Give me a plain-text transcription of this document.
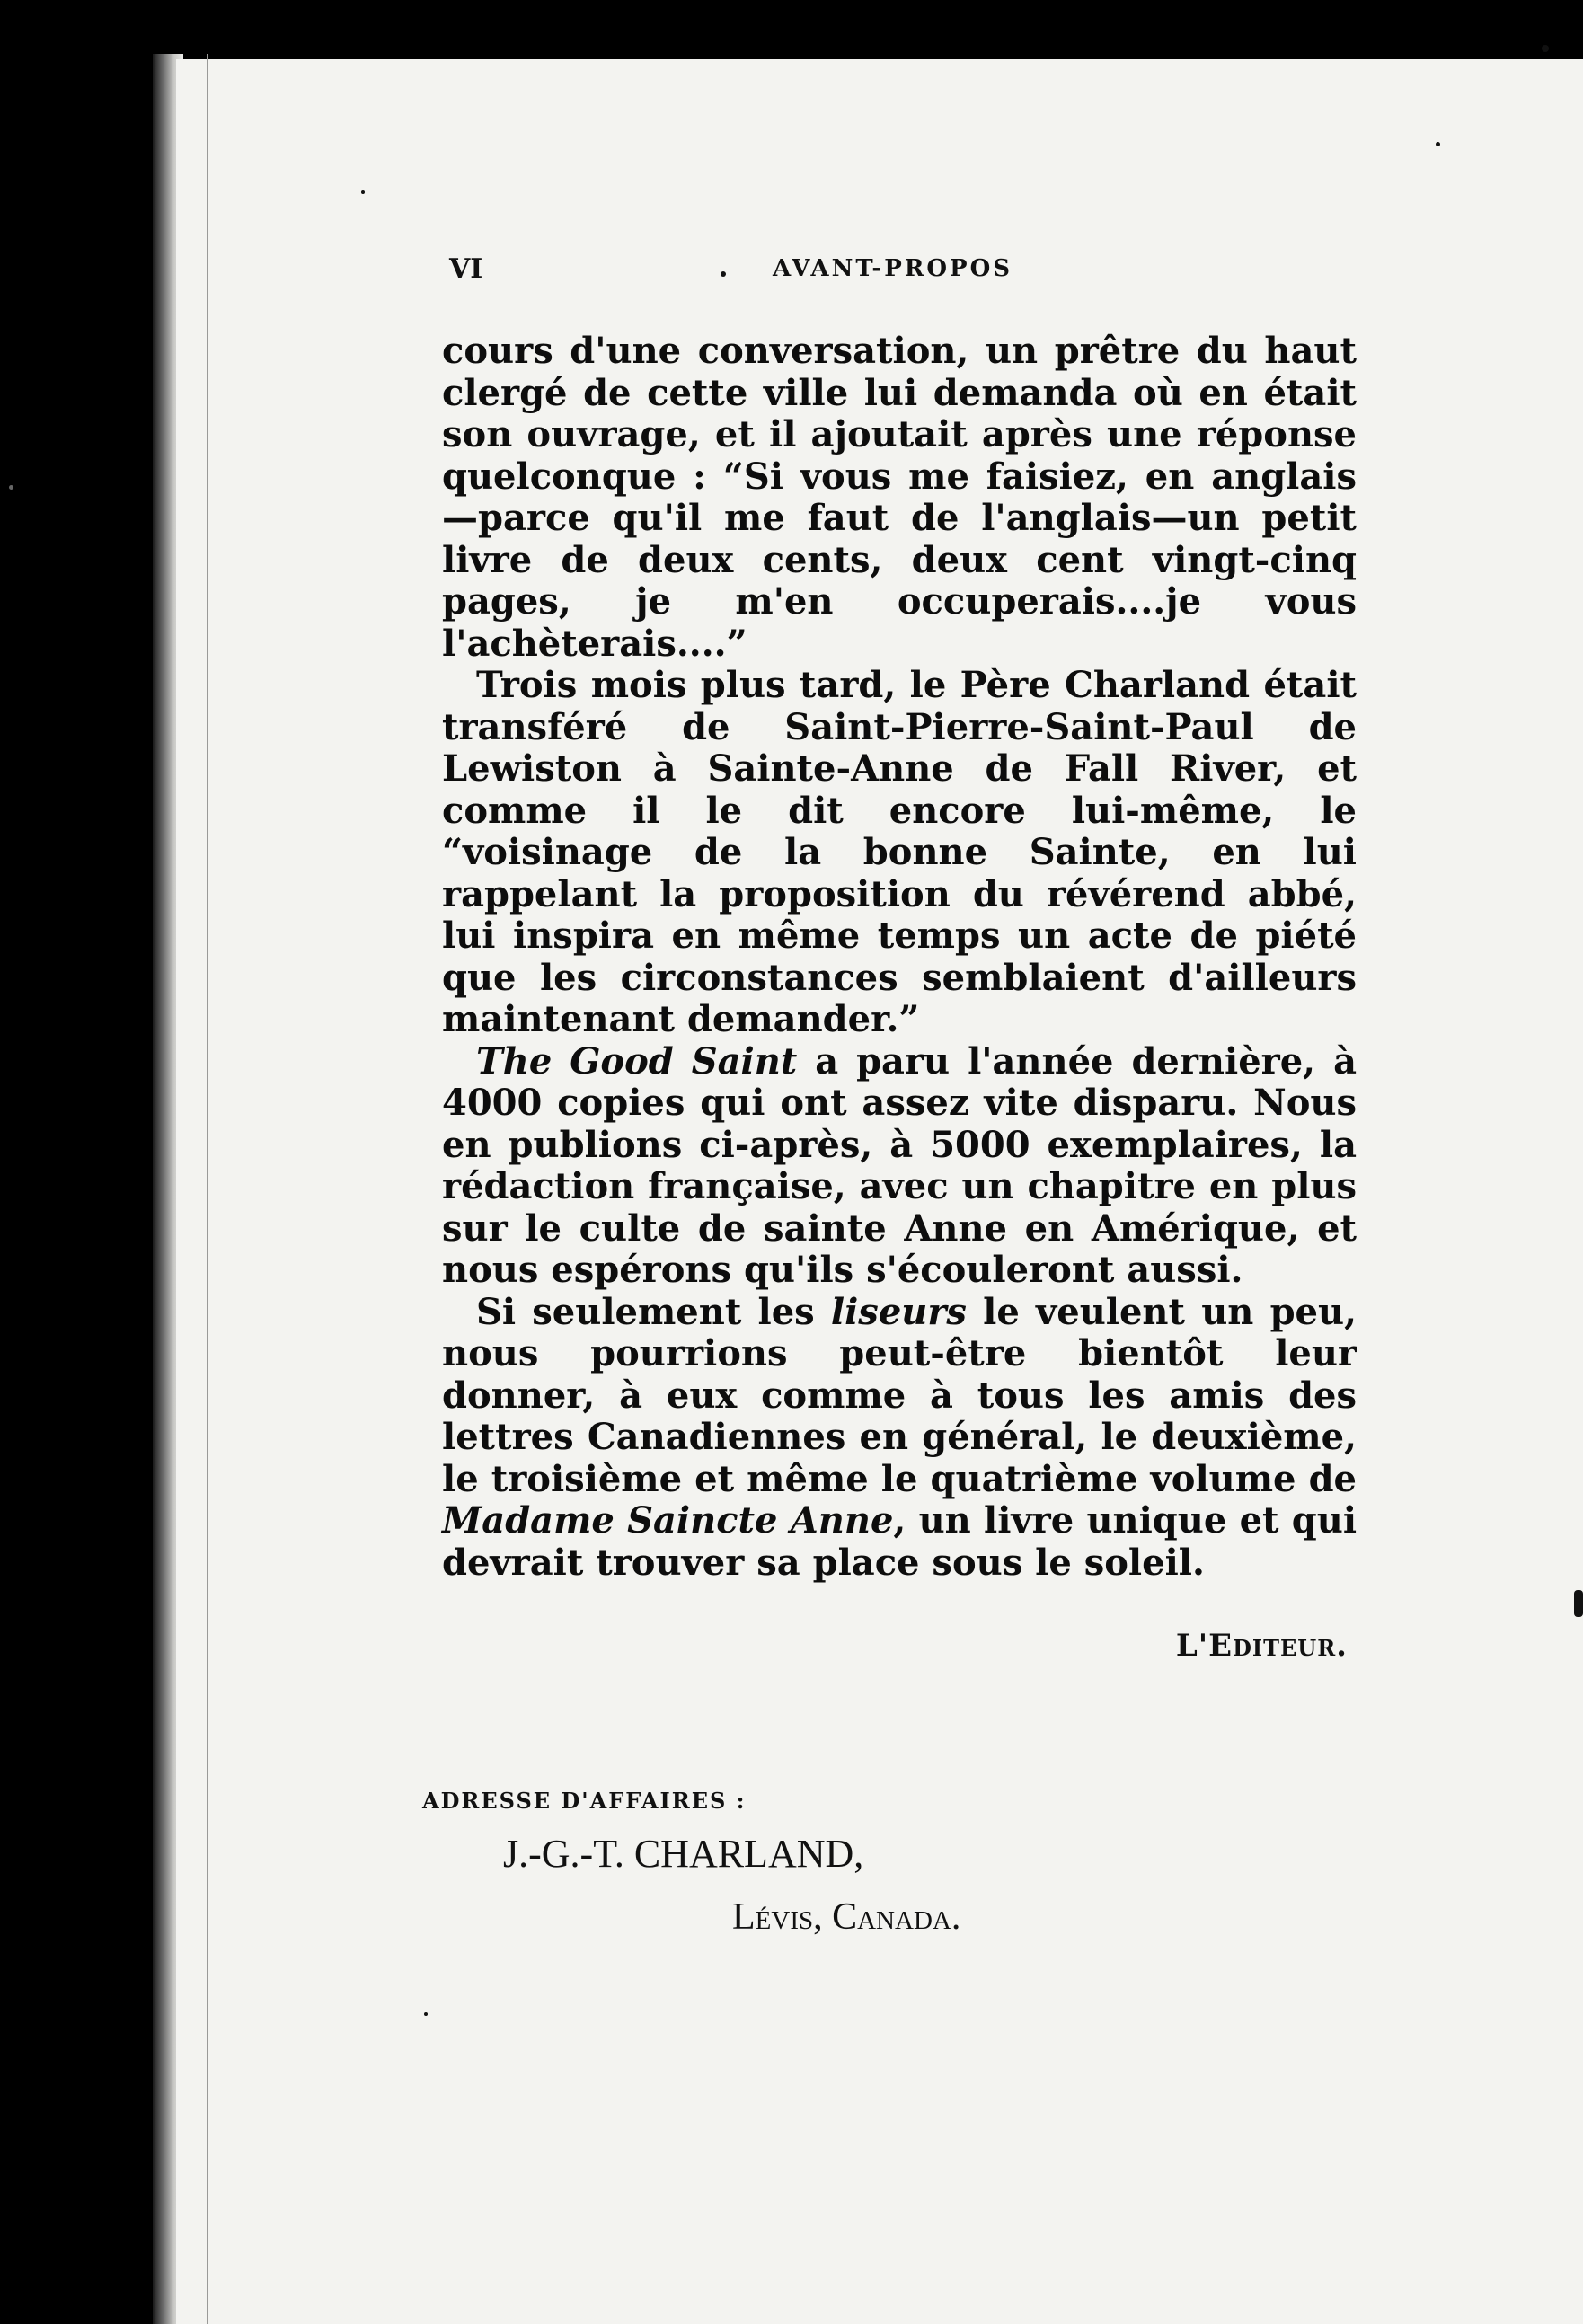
VI	AVANT-PROPOS

cours d'une conversation, un prêtre du haut clergé de cette ville lui demanda où en était son ouvrage, et il ajoutait après une réponse quelconque : “Si vous me faisiez, en anglais—parce qu'il me faut de l'anglais—un petit livre de deux cents, deux cent vingt-cinq pages, je m'en occuperais....je vous l'achèterais....”

Trois mois plus tard, le Père Charland était transféré de Saint-Pierre-Saint-Paul de Lewiston à Sainte-Anne de Fall River, et comme il le dit encore lui-même, le “voisinage de la bonne Sainte, en lui rappelant la proposition du révérend abbé, lui inspira en même temps un acte de piété que les circonstances semblaient d'ailleurs maintenant demander.”

The Good Saint a paru l'année dernière, à 4000 copies qui ont assez vite disparu. Nous en publions ci-après, à 5000 exemplaires, la rédaction française, avec un chapitre en plus sur le culte de sainte Anne en Amérique, et nous espérons qu'ils s'écouleront aussi.

Si seulement les liseurs le veulent un peu, nous pourrions peut-être bientôt leur donner, à eux comme à tous les amis des lettres Canadiennes en général, le deuxième, le troisième et même le quatrième volume de Madame Saincte Anne, un livre unique et qui devrait trouver sa place sous le soleil.

L'Editeur.
ADRESSE D'AFFAIRES :
J.-G.-T. CHARLAND,
Lévis, Canada.
